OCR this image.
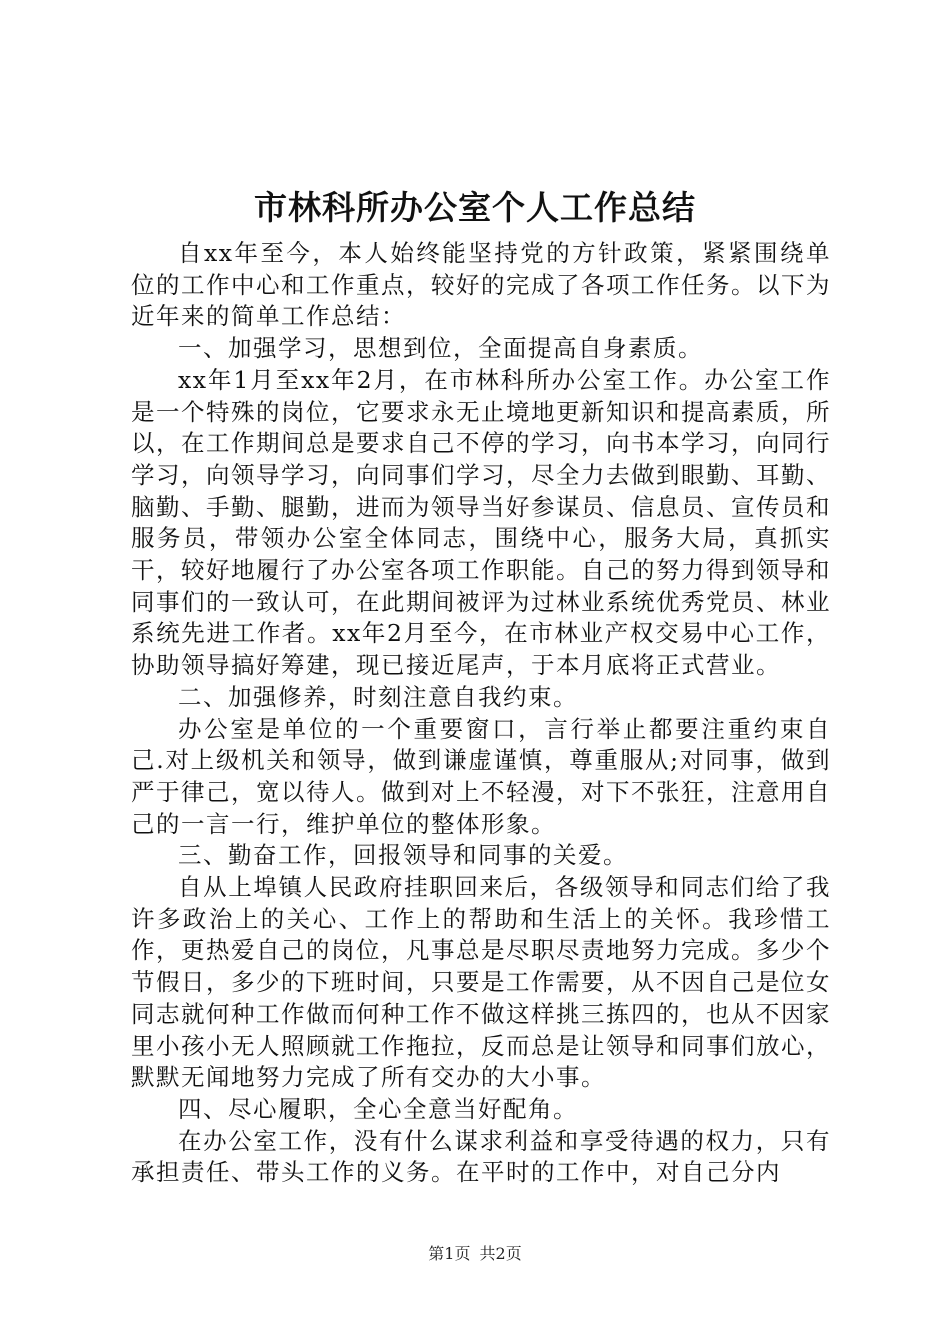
市林科所办公室个人工作总结

自xx年至今，本人始终能坚持党的方针政策，紧紧围绕单位的工作中心和工作重点，较好的完成了各项工作任务。以下为近年来的简单工作总结：

一、加强学习，思想到位，全面提高自身素质。

xx年1月至xx年2月，在市林科所办公室工作。办公室工作是一个特殊的岗位，它要求永无止境地更新知识和提高素质，所以，在工作期间总是要求自己不停的学习，向书本学习，向同行学习，向领导学习，向同事们学习，尽全力去做到眼勤、耳勤、脑勤、手勤、腿勤，进而为领导当好参谋员、信息员、宣传员和服务员，带领办公室全体同志，围绕中心，服务大局，真抓实干，较好地履行了办公室各项工作职能。自己的努力得到领导和同事们的一致认可，在此期间被评为过林业系统优秀党员、林业系统先进工作者。xx年2月至今，在市林业产权交易中心工作，协助领导搞好筹建，现已接近尾声，于本月底将正式营业。

二、加强修养，时刻注意自我约束。

办公室是单位的一个重要窗口，言行举止都要注重约束自己.对上级机关和领导，做到谦虚谨慎，尊重服从;对同事，做到严于律己，宽以待人。做到对上不轻漫，对下不张狂，注意用自己的一言一行，维护单位的整体形象。

三、勤奋工作，回报领导和同事的关爱。

自从上埠镇人民政府挂职回来后，各级领导和同志们给了我许多政治上的关心、工作上的帮助和生活上的关怀。我珍惜工作，更热爱自己的岗位，凡事总是尽职尽责地努力完成。多少个节假日，多少的下班时间，只要是工作需要，从不因自己是位女同志就何种工作做而何种工作不做这样挑三拣四的，也从不因家里小孩小无人照顾就工作拖拉，反而总是让领导和同事们放心，默默无闻地努力完成了所有交办的大小事。

四、尽心履职，全心全意当好配角。

在办公室工作，没有什么谋求利益和享受待遇的权力，只有承担责任、带头工作的义务。在平时的工作中，对自己分内

第1页 共2页
